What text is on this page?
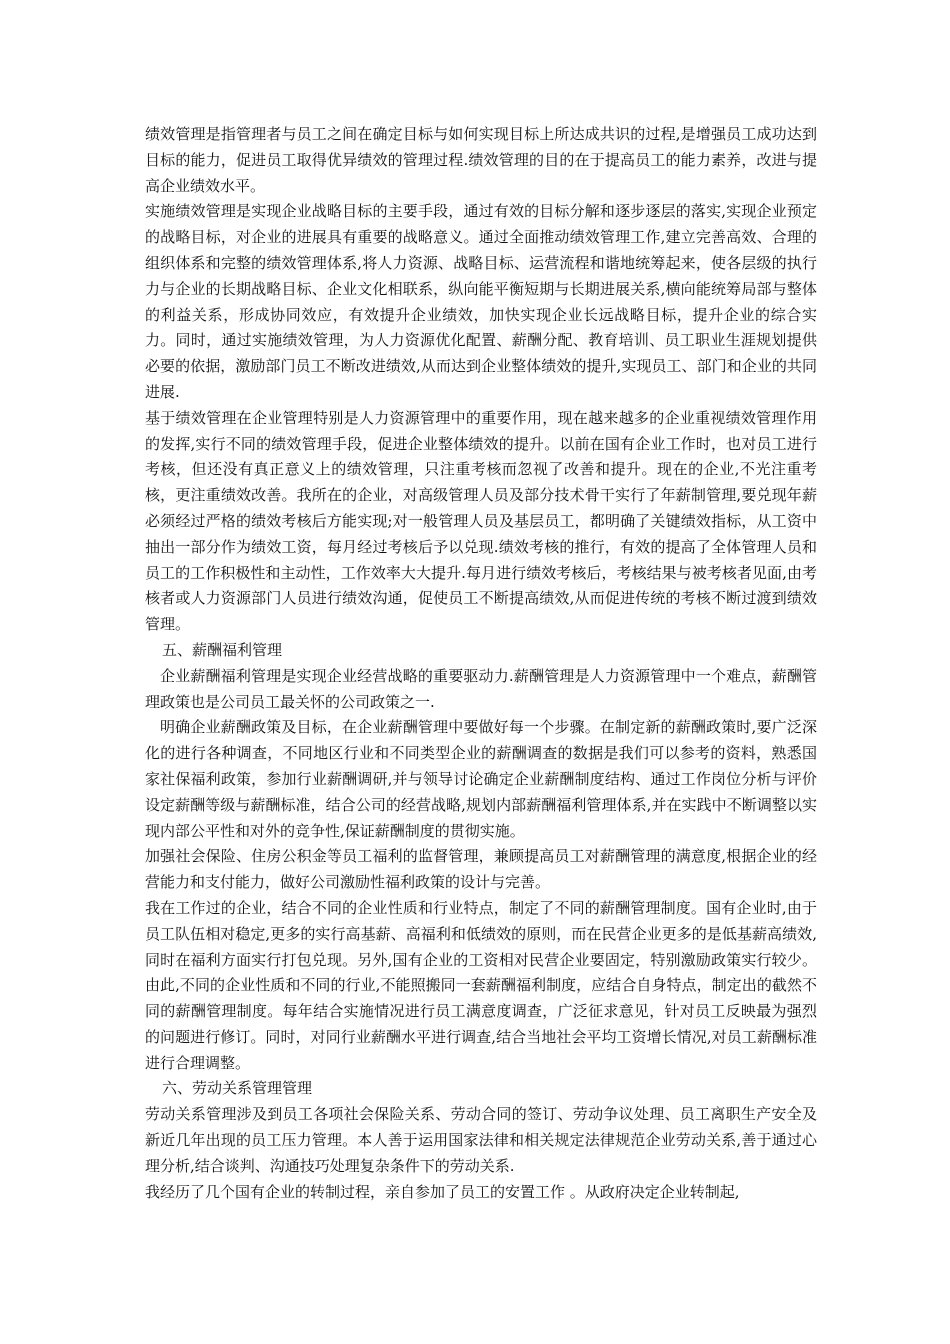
绩效管理是指管理者与员工之间在确定目标与如何实现目标上所达成共识的过程,是增强员工成功达到目标的能力，促进员工取得优异绩效的管理过程.绩效管理的目的在于提高员工的能力素养，改进与提高企业绩效水平。

实施绩效管理是实现企业战略目标的主要手段，通过有效的目标分解和逐步逐层的落实,实现企业预定的战略目标，对企业的进展具有重要的战略意义。通过全面推动绩效管理工作,建立完善高效、合理的组织体系和完整的绩效管理体系,将人力资源、战略目标、运营流程和谐地统筹起来，使各层级的执行力与企业的长期战略目标、企业文化相联系，纵向能平衡短期与长期进展关系,横向能统筹局部与整体的利益关系，形成协同效应，有效提升企业绩效，加快实现企业长远战略目标，提升企业的综合实力。同时，通过实施绩效管理，为人力资源优化配置、薪酬分配、教育培训、员工职业生涯规划提供必要的依据，激励部门员工不断改进绩效,从而达到企业整体绩效的提升,实现员工、部门和企业的共同进展.

基于绩效管理在企业管理特别是人力资源管理中的重要作用，现在越来越多的企业重视绩效管理作用的发挥,实行不同的绩效管理手段，促进企业整体绩效的提升。以前在国有企业工作时，也对员工进行考核，但还没有真正意义上的绩效管理，只注重考核而忽视了改善和提升。现在的企业,不光注重考核，更注重绩效改善。我所在的企业，对高级管理人员及部分技术骨干实行了年薪制管理,要兑现年薪必须经过严格的绩效考核后方能实现;对一般管理人员及基层员工，都明确了关键绩效指标，从工资中抽出一部分作为绩效工资，每月经过考核后予以兑现.绩效考核的推行，有效的提高了全体管理人员和员工的工作积极性和主动性，工作效率大大提升.每月进行绩效考核后，考核结果与被考核者见面,由考核者或人力资源部门人员进行绩效沟通，促使员工不断提高绩效,从而促进传统的考核不断过渡到绩效管理。

五、薪酬福利管理

企业薪酬福利管理是实现企业经营战略的重要驱动力.薪酬管理是人力资源管理中一个难点，薪酬管理政策也是公司员工最关怀的公司政策之一.

明确企业薪酬政策及目标，在企业薪酬管理中要做好每一个步骤。在制定新的薪酬政策时,要广泛深化的进行各种调查，不同地区行业和不同类型企业的薪酬调查的数据是我们可以参考的资料，熟悉国家社保福利政策，参加行业薪酬调研,并与领导讨论确定企业薪酬制度结构、通过工作岗位分析与评价设定薪酬等级与薪酬标准，结合公司的经营战略,规划内部薪酬福利管理体系,并在实践中不断调整以实现内部公平性和对外的竞争性,保证薪酬制度的贯彻实施。

加强社会保险、住房公积金等员工福利的监督管理，兼顾提高员工对薪酬管理的满意度,根据企业的经营能力和支付能力，做好公司激励性福利政策的设计与完善。

我在工作过的企业，结合不同的企业性质和行业特点，制定了不同的薪酬管理制度。国有企业时,由于员工队伍相对稳定,更多的实行高基薪、高福利和低绩效的原则，而在民营企业更多的是低基薪高绩效,同时在福利方面实行打包兑现。另外,国有企业的工资相对民营企业要固定，特别激励政策实行较少。由此,不同的企业性质和不同的行业,不能照搬同一套薪酬福利制度，应结合自身特点，制定出的截然不同的薪酬管理制度。每年结合实施情况进行员工满意度调查，广泛征求意见，针对员工反映最为强烈的问题进行修订。同时，对同行业薪酬水平进行调查,结合当地社会平均工资增长情况,对员工薪酬标准进行合理调整。

六、劳动关系管理管理

劳动关系管理涉及到员工各项社会保险关系、劳动合同的签订、劳动争议处理、员工离职生产安全及新近几年出现的员工压力管理。本人善于运用国家法律和相关规定法律规范企业劳动关系,善于通过心理分析,结合谈判、沟通技巧处理复杂条件下的劳动关系.

我经历了几个国有企业的转制过程，亲自参加了员工的安置工作 。从政府决定企业转制起,
